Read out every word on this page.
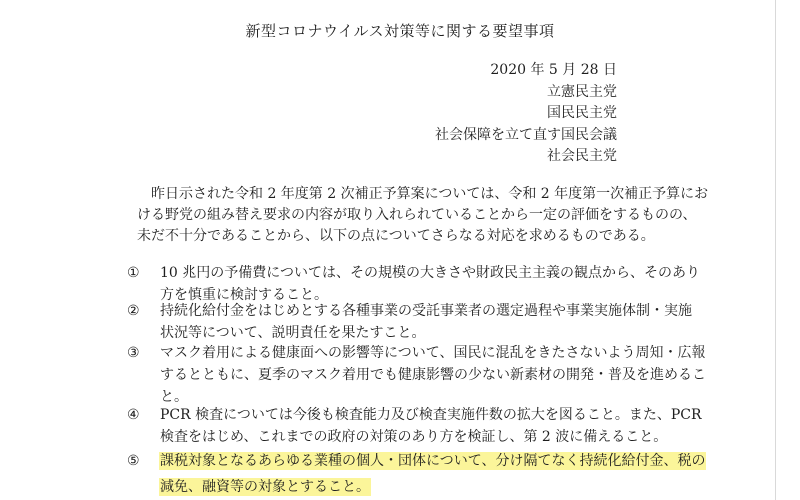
新型コロナウイルス対策等に関する要望事項
2020 年 5 月 28 日
立憲民主党
国民民主党
社会保障を立て直す国民会議
社会民主党
昨日示された令和 2 年度第 2 次補正予算案については、令和 2 年度第一次補正予算にお
ける野党の組み替え要求の内容が取り入れられていることから一定の評価をするものの、
未だ不十分であることから、以下の点についてさらなる対応を求めるものである。
①	10 兆円の予備費については、その規模の大きさや財政民主主義の観点から、そのあり
方を慎重に検討すること。
②	持続化給付金をはじめとする各種事業の受託事業者の選定過程や事業実施体制・実施
状況等について、説明責任を果たすこと。
③	マスク着用による健康面への影響等について、国民に混乱をきたさないよう周知・広報
するとともに、夏季のマスク着用でも健康影響の少ない新素材の開発・普及を進めるこ
と。
④	PCR 検査については今後も検査能力及び検査実施件数の拡大を図ること。また、PCR
検査をはじめ、これまでの政府の対策のあり方を検証し、第 2 波に備えること。
⑤	課税対象となるあらゆる業種の個人・団体について、分け隔てなく持続化給付金、税の
減免、融資等の対象とすること。
